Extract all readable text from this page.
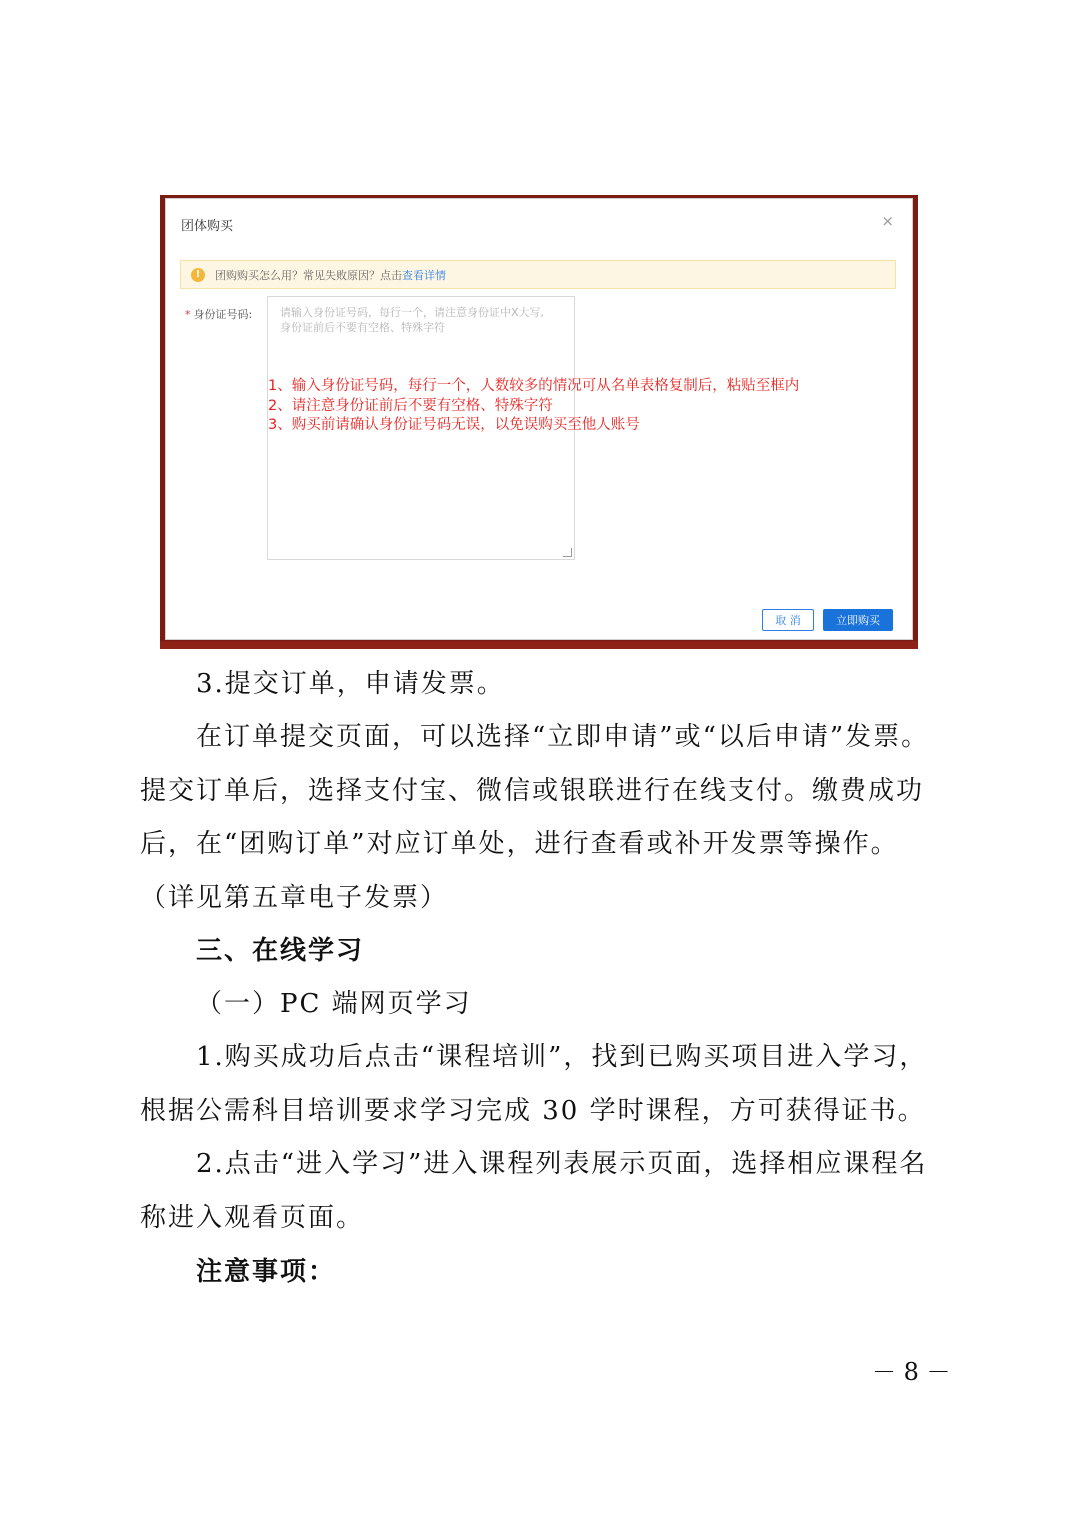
团体购买	×
!	团购购买怎么用？常见失败原因？点击 查看详情
* 身份证号码:	请输入身份证号码，每行一个，请注意身份证中X大写,
身份证前后不要有空格、特殊字符
1、输入身份证号码，每行一个，人数较多的情况可从名单表格复制后，粘贴至框内
2、请注意身份证前后不要有空格、特殊字符
3、购买前请确认身份证号码无误，以免误购买至他人账号
取 消	立即购买
3.提交订单，申请发票。
在订单提交页面，可以选择“立即申请”或“以后申请”发票。提交订单后，选择支付宝、微信或银联进行在线支付。缴费成功后，在“团购订单”对应订单处，进行查看或补开发票等操作。（详见第五章电子发票）
三、在线学习
（一）PC 端网页学习
1.购买成功后点击“课程培训”，找到已购买项目进入学习，根据公需科目培训要求学习完成 30 学时课程，方可获得证书。
2.点击“进入学习”进入课程列表展示页面，选择相应课程名称进入观看页面。
注意事项：
－ 8 －
